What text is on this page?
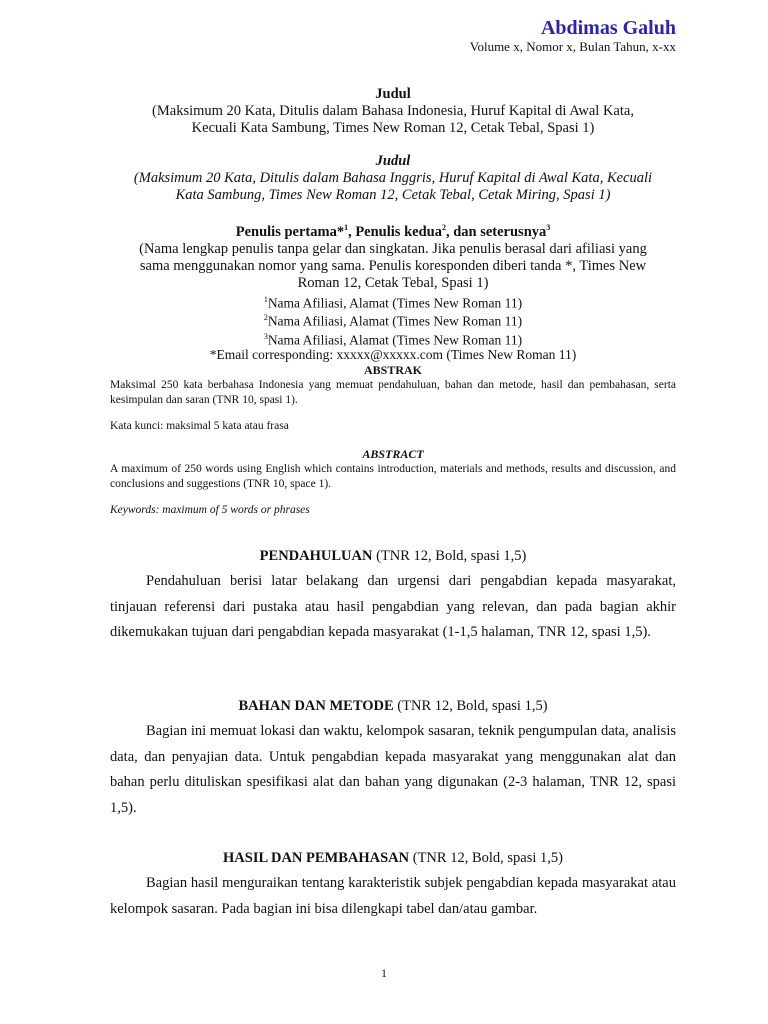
Abdimas Galuh
Volume x, Nomor x, Bulan Tahun, x-xx
Judul
(Maksimum 20 Kata, Ditulis dalam Bahasa Indonesia, Huruf Kapital di Awal Kata,
Kecuali Kata Sambung, Times New Roman 12, Cetak Tebal, Spasi 1)
Judul
(Maksimum 20 Kata, Ditulis dalam Bahasa Inggris, Huruf Kapital di Awal Kata, Kecuali
Kata Sambung, Times New Roman 12, Cetak Tebal, Cetak Miring, Spasi 1)
Penulis pertama*$^1$, Penulis kedua$^2$, dan seterusnya$^3$
(Nama lengkap penulis tanpa gelar dan singkatan. Jika penulis berasal dari afiliasi yang
sama menggunakan nomor yang sama. Penulis koresponden diberi tanda *, Times New
Roman 12, Cetak Tebal, Spasi 1)
$^1$Nama Afiliasi, Alamat (Times New Roman 11)
$^2$Nama Afiliasi, Alamat (Times New Roman 11)
$^3$Nama Afiliasi, Alamat (Times New Roman 11)
*Email corresponding: xxxxx@xxxxx.com (Times New Roman 11)
ABSTRAK
Maksimal 250 kata berbahasa Indonesia yang memuat pendahuluan, bahan dan metode, hasil dan pembahasan, serta kesimpulan dan saran (TNR 10, spasi 1).
Kata kunci: maksimal 5 kata atau frasa
ABSTRACT
A maximum of 250 words using English which contains introduction, materials and methods, results and discussion, and conclusions and suggestions (TNR 10, space 1).
Keywords: maximum of 5 words or phrases
PENDAHULUAN (TNR 12, Bold, spasi 1,5)

Pendahuluan berisi latar belakang dan urgensi dari pengabdian kepada masyarakat, tinjauan referensi dari pustaka atau hasil pengabdian yang relevan, dan pada bagian akhir dikemukakan tujuan dari pengabdian kepada masyarakat (1-1,5 halaman, TNR 12, spasi 1,5).

BAHAN DAN METODE (TNR 12, Bold, spasi 1,5)

Bagian ini memuat lokasi dan waktu, kelompok sasaran, teknik pengumpulan data, analisis data, dan penyajian data. Untuk pengabdian kepada masyarakat yang menggunakan alat dan bahan perlu dituliskan spesifikasi alat dan bahan yang digunakan (2-3 halaman, TNR 12, spasi 1,5).

HASIL DAN PEMBAHASAN (TNR 12, Bold, spasi 1,5)

Bagian hasil menguraikan tentang karakteristik subjek pengabdian kepada masyarakat atau kelompok sasaran. Pada bagian ini bisa dilengkapi tabel dan/atau gambar.

1
